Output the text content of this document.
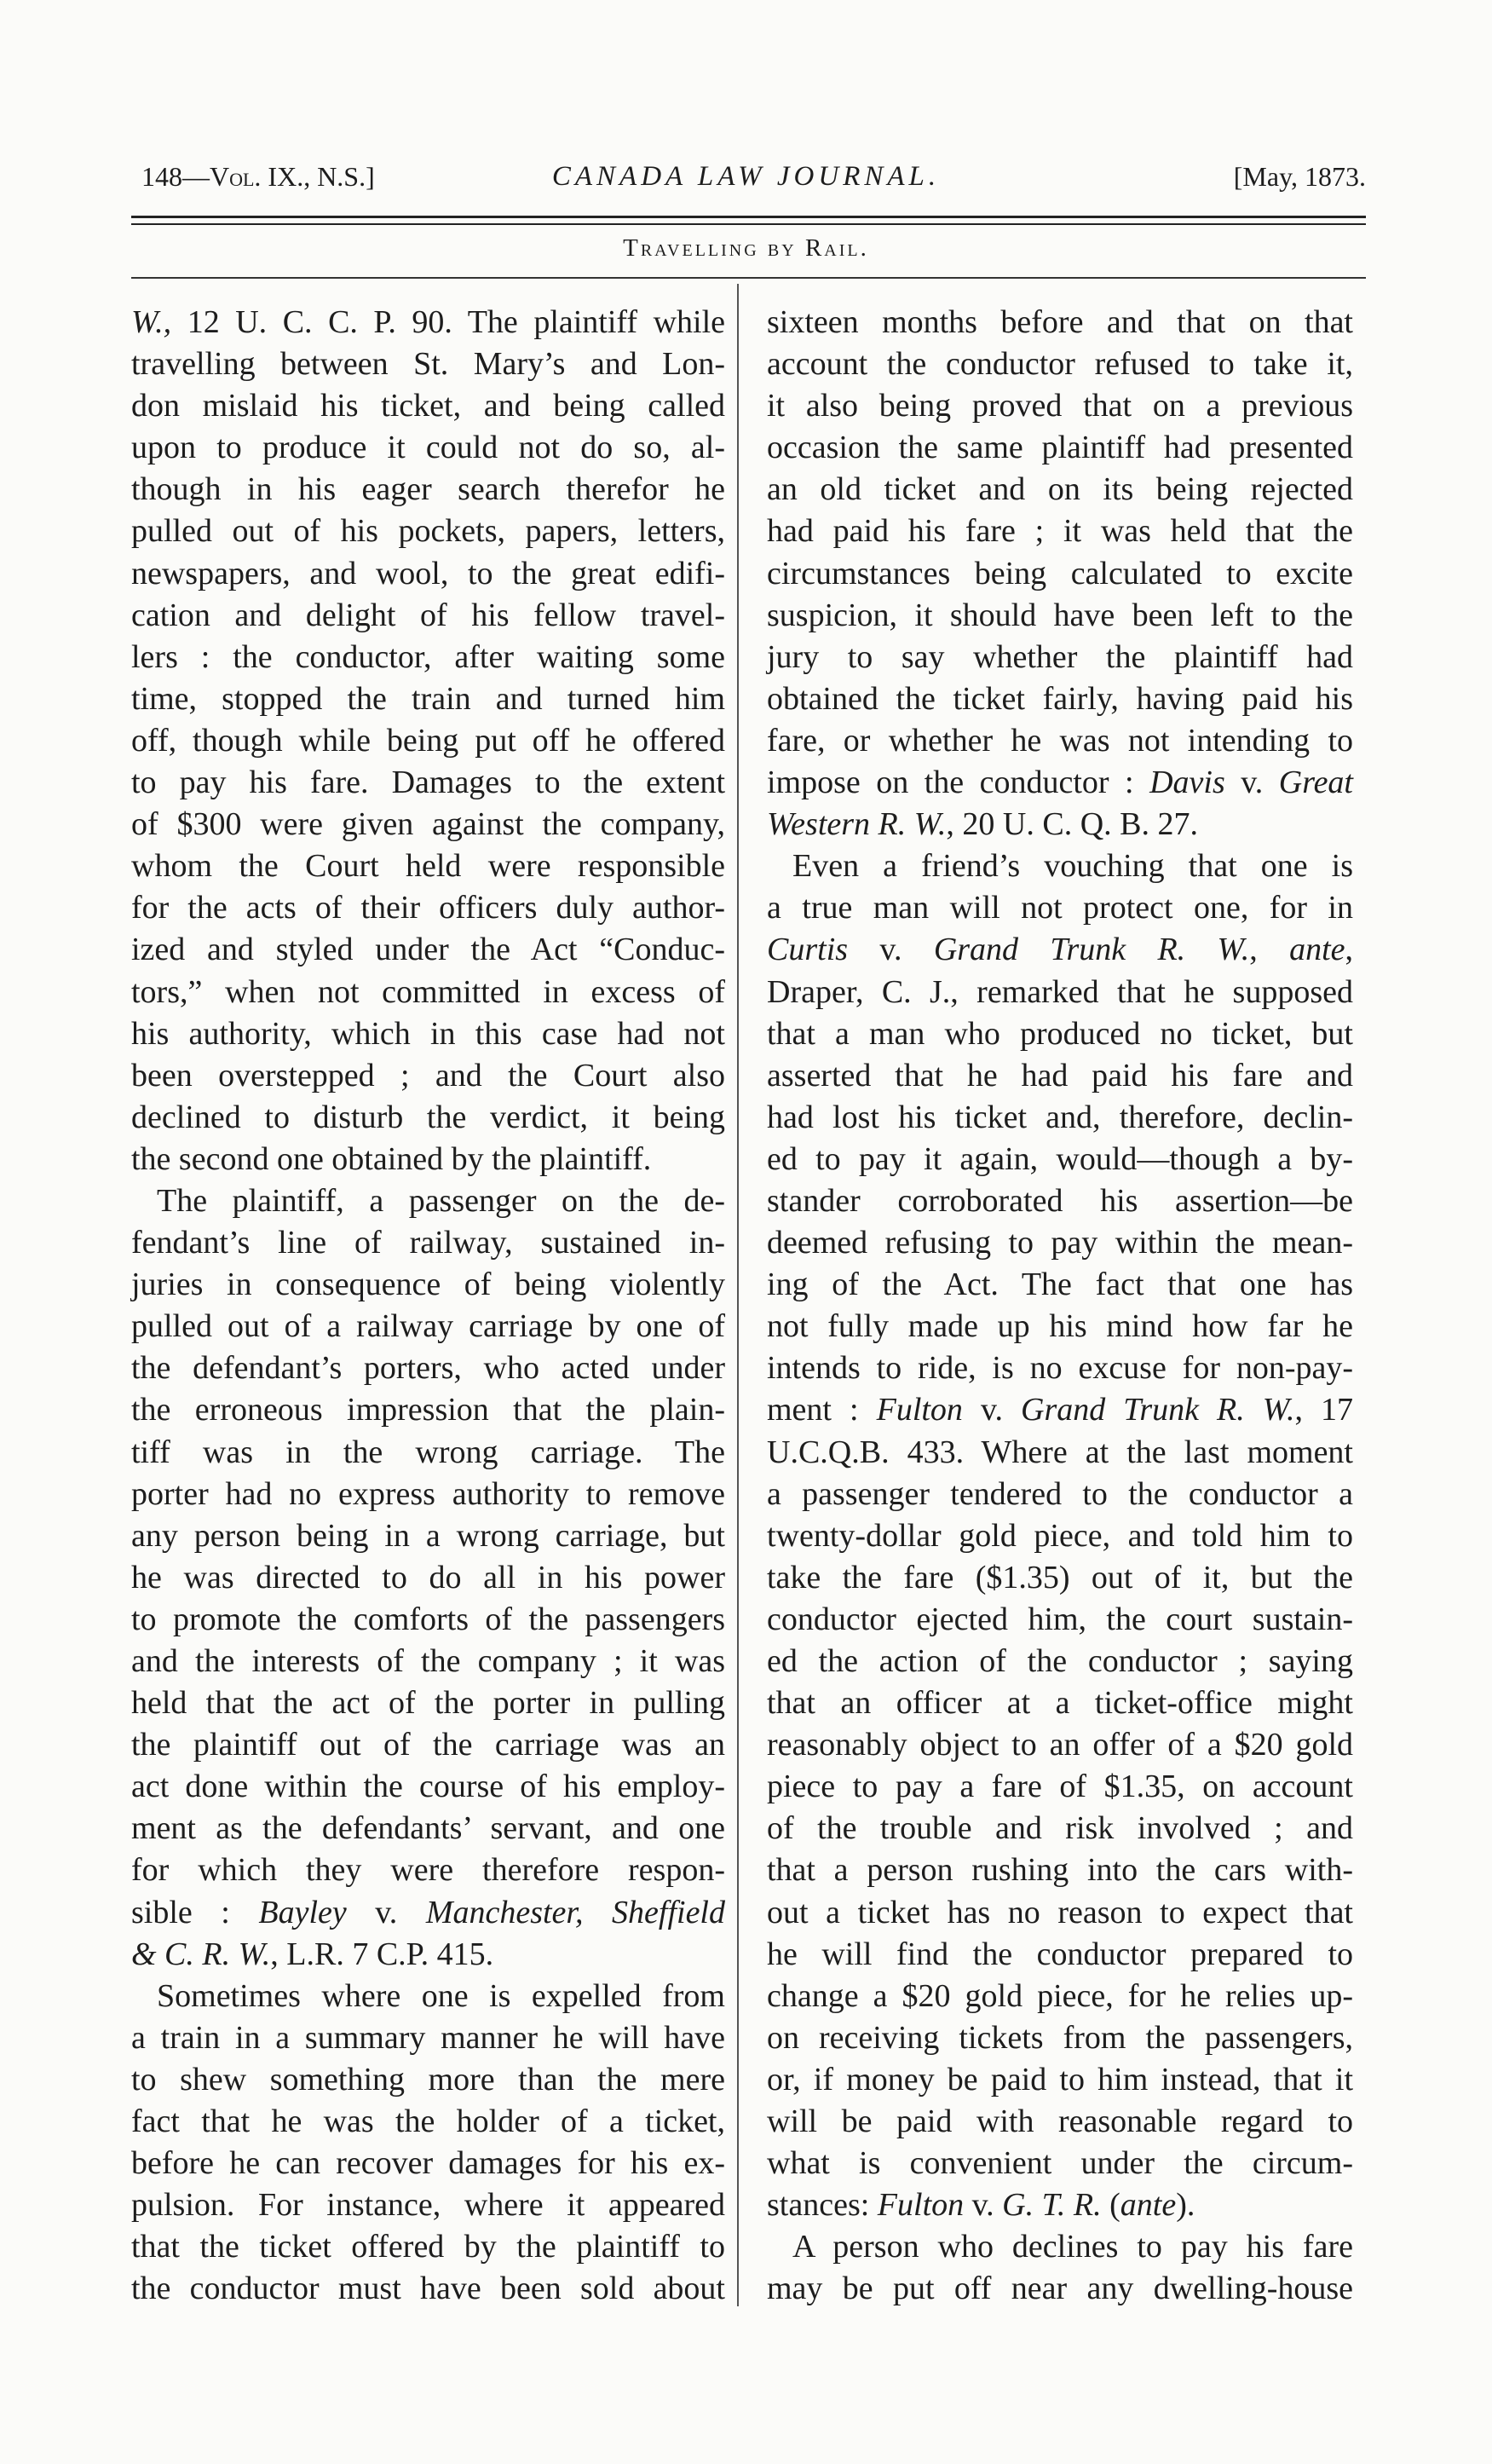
148—Vol. IX., N.S.]	CANADA LAW JOURNAL.	[May, 1873.
Travelling by Rail.
W., 12 U. C. C. P. 90. The plaintiff while
travelling between St. Mary’s and Lon-
don mislaid his ticket, and being called
upon to produce it could not do so, al-
though in his eager search therefor he
pulled out of his pockets, papers, letters,
newspapers, and wool, to the great edifi-
cation and delight of his fellow travel-
lers : the conductor, after waiting some
time, stopped the train and turned him
off, though while being put off he offered
to pay his fare. Damages to the extent
of $300 were given against the company,
whom the Court held were responsible
for the acts of their officers duly author-
ized and styled under the Act “Conduc-
tors,” when not committed in excess of
his authority, which in this case had not
been overstepped ; and the Court also
declined to disturb the verdict, it being
the second one obtained by the plaintiff.
The plaintiff, a passenger on the de-
fendant’s line of railway, sustained in-
juries in consequence of being violently
pulled out of a railway carriage by one of
the defendant’s porters, who acted under
the erroneous impression that the plain-
tiff was in the wrong carriage. The
porter had no express authority to remove
any person being in a wrong carriage, but
he was directed to do all in his power
to promote the comforts of the passengers
and the interests of the company ; it was
held that the act of the porter in pulling
the plaintiff out of the carriage was an
act done within the course of his employ-
ment as the defendants’ servant, and one
for which they were therefore respon-
sible : Bayley v. Manchester, Sheffield
& C. R. W., L.R. 7 C.P. 415.
Sometimes where one is expelled from
a train in a summary manner he will have
to shew something more than the mere
fact that he was the holder of a ticket,
before he can recover damages for his ex-
pulsion. For instance, where it appeared
that the ticket offered by the plaintiff to
the conductor must have been sold about
sixteen months before and that on that
account the conductor refused to take it,
it also being proved that on a previous
occasion the same plaintiff had presented
an old ticket and on its being rejected
had paid his fare ; it was held that the
circumstances being calculated to excite
suspicion, it should have been left to the
jury to say whether the plaintiff had
obtained the ticket fairly, having paid his
fare, or whether he was not intending to
impose on the conductor : Davis v. Great
Western R. W., 20 U. C. Q. B. 27.
Even a friend’s vouching that one is
a true man will not protect one, for in
Curtis v. Grand Trunk R. W., ante,
Draper, C. J., remarked that he supposed
that a man who produced no ticket, but
asserted that he had paid his fare and
had lost his ticket and, therefore, declin-
ed to pay it again, would—though a by-
stander corroborated his assertion—be
deemed refusing to pay within the mean-
ing of the Act. The fact that one has
not fully made up his mind how far he
intends to ride, is no excuse for non-pay-
ment : Fulton v. Grand Trunk R. W., 17
U.C.Q.B. 433. Where at the last moment
a passenger tendered to the conductor a
twenty-dollar gold piece, and told him to
take the fare ($1.35) out of it, but the
conductor ejected him, the court sustain-
ed the action of the conductor ; saying
that an officer at a ticket-office might
reasonably object to an offer of a $20 gold
piece to pay a fare of $1.35, on account
of the trouble and risk involved ; and
that a person rushing into the cars with-
out a ticket has no reason to expect that
he will find the conductor prepared to
change a $20 gold piece, for he relies up-
on receiving tickets from the passengers,
or, if money be paid to him instead, that it
will be paid with reasonable regard to
what is convenient under the circum-
stances: Fulton v. G. T. R. (ante).
A person who declines to pay his fare
may be put off near any dwelling-house
